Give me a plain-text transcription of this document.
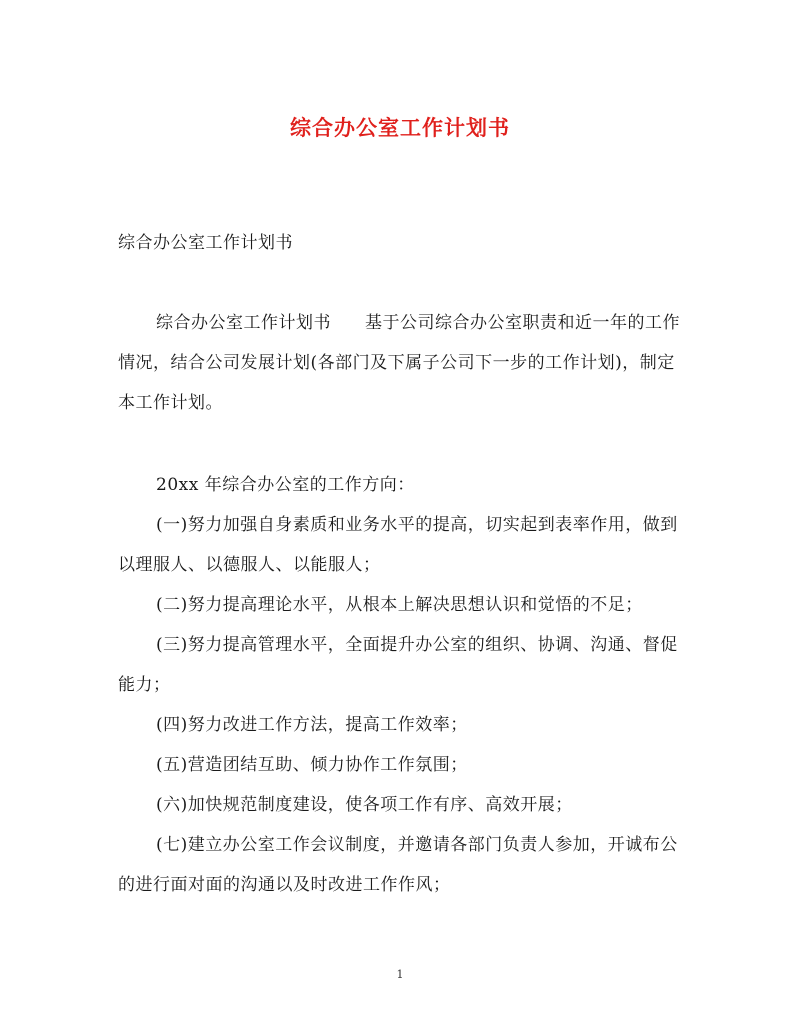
综合办公室工作计划书
综合办公室工作计划书
综合办公室工作计划书 基于公司综合办公室职责和近一年的工作情况，结合公司发展计划(各部门及下属子公司下一步的工作计划)，制定本工作计划。
20xx 年综合办公室的工作方向：
(一)努力加强自身素质和业务水平的提高，切实起到表率作用，做到以理服人、以德服人、以能服人；
(二)努力提高理论水平，从根本上解决思想认识和觉悟的不足；
(三)努力提高管理水平，全面提升办公室的组织、协调、沟通、督促能力；
(四)努力改进工作方法，提高工作效率；
(五)营造团结互助、倾力协作工作氛围；
(六)加快规范制度建设，使各项工作有序、高效开展；
(七)建立办公室工作会议制度，并邀请各部门负责人参加，开诚布公的进行面对面的沟通以及时改进工作作风；
1
